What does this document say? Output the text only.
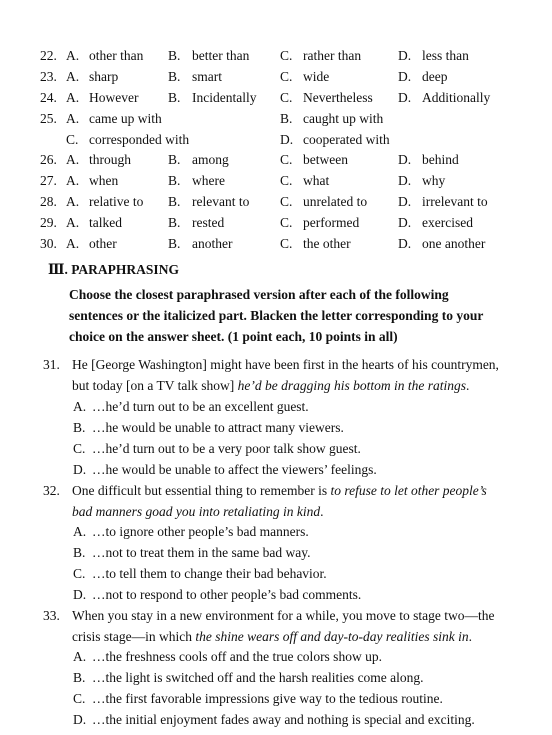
22. A. other than B. better than C. rather than	D. less than
23. A. sharp	B. smart	C. wide	D. deep
24. A. However B. Incidentally C. Nevertheless D. Additionally
25. A. came up with	B. caught up with
C. corresponded with	D. cooperated with
26. A. through	B. among	C. between	D. behind
27. A. when	B. where	C. what	D. why
28. A. relative to B. relevant to C. unrelated to D. irrelevant to
29. A. talked	B. rested	C. performed	D. exercised
30. A. other	B. another	C. the other	D. one another
Ⅲ. PARAPHRASING
Choose the closest paraphrased version after each of the following
sentences or the italicized part. Blacken the letter corresponding to your
choice on the answer sheet. (1 point each, 10 points in all)
31. He [George Washington] might have been first in the hearts of his countrymen,
but today [on a TV talk show] he’d be dragging his bottom in the ratings.
A. …he’d turn out to be an excellent guest.
B. …he would be unable to attract many viewers.
C. …he’d turn out to be a very poor talk show guest.
D. …he would be unable to affect the viewers’ feelings.
32. One difficult but essential thing to remember is to refuse to let other people’s
bad manners goad you into retaliating in kind.
A. …to ignore other people’s bad manners.
B. …not to treat them in the same bad way.
C. …to tell them to change their bad behavior.
D. …not to respond to other people’s bad comments.
33. When you stay in a new environment for a while, you move to stage two—the
crisis stage—in which the shine wears off and day-to-day realities sink in.
A. …the freshness cools off and the true colors show up.
B. …the light is switched off and the harsh realities come along.
C. …the first favorable impressions give way to the tedious routine.
D. …the initial enjoyment fades away and nothing is special and exciting.
